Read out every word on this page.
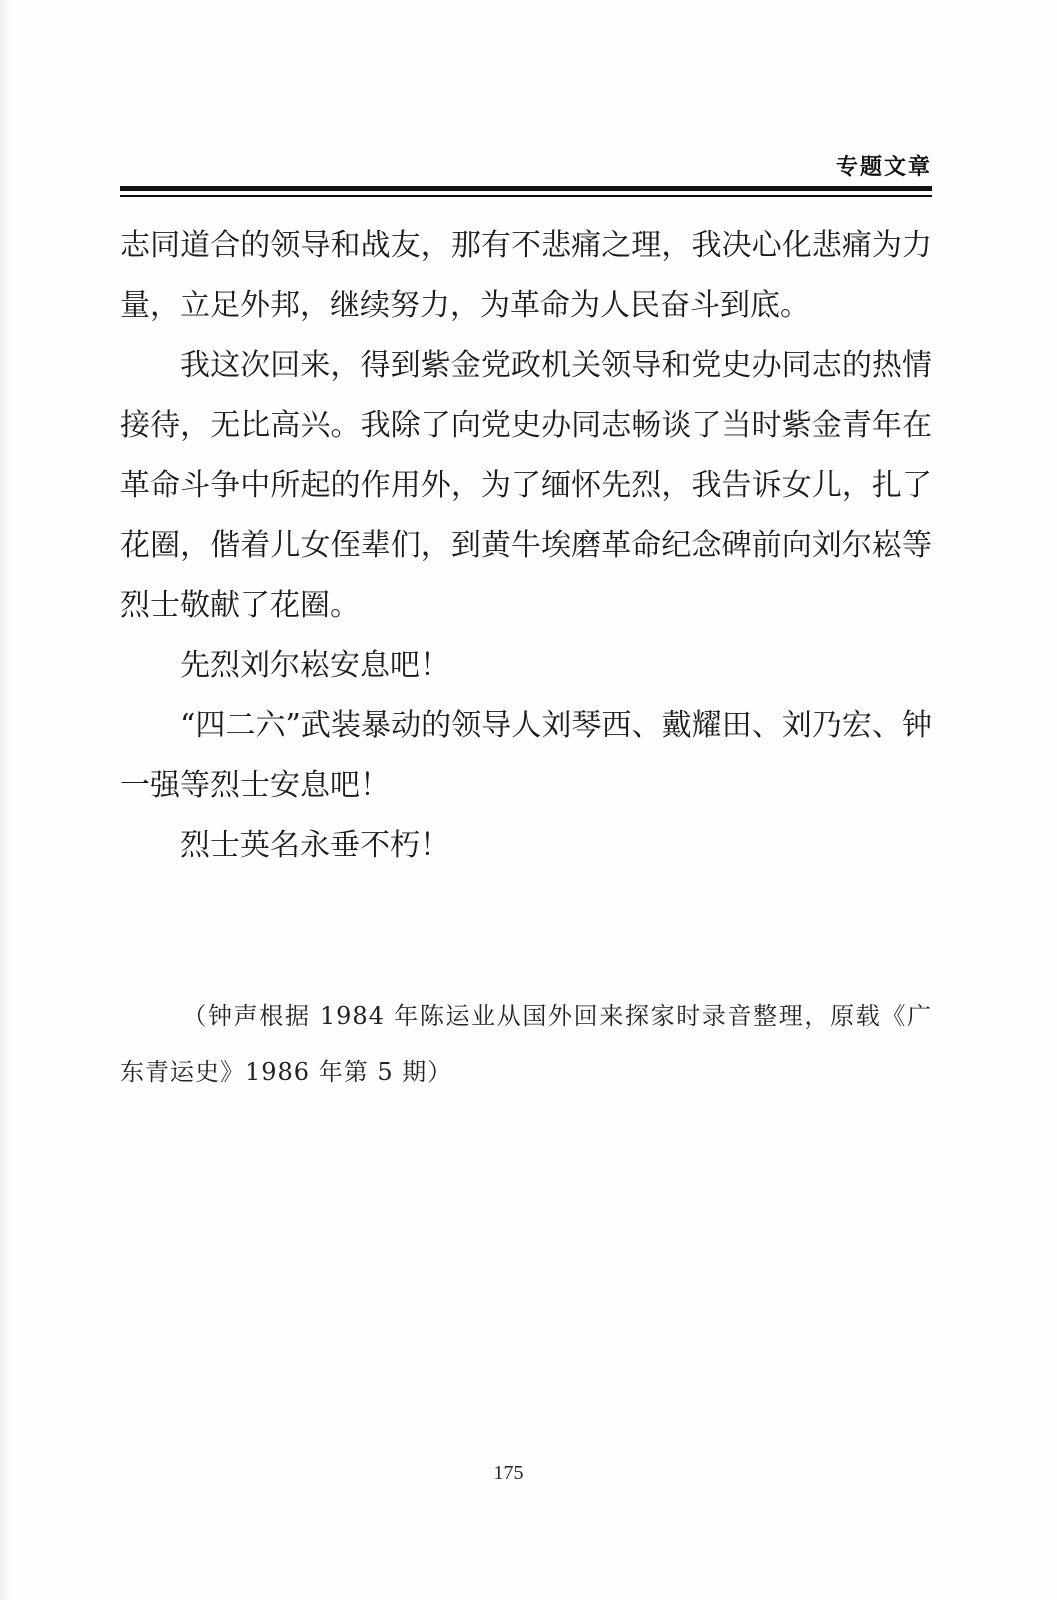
专题文章

志同道合的领导和战友，那有不悲痛之理，我决心化悲痛为力量，立足外邦，继续努力，为革命为人民奋斗到底。

我这次回来，得到紫金党政机关领导和党史办同志的热情接待，无比高兴。我除了向党史办同志畅谈了当时紫金青年在革命斗争中所起的作用外，为了缅怀先烈，我告诉女儿，扎了花圈，偕着儿女侄辈们，到黄牛埃磨革命纪念碑前向刘尔崧等烈士敬献了花圈。

先烈刘尔崧安息吧！

“四二六”武装暴动的领导人刘琴西、戴耀田、刘乃宏、钟一强等烈士安息吧！

烈士英名永垂不朽！

（钟声根据 1984 年陈运业从国外回来探家时录音整理，原载《广东青运史》1986 年第 5 期）

175
